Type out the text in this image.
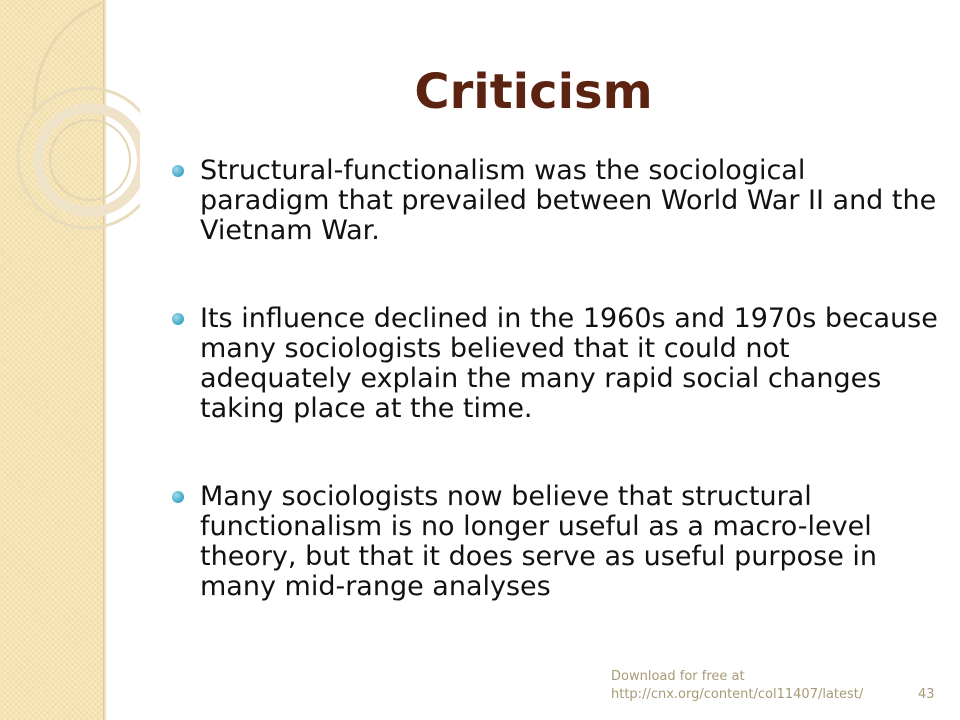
Criticism
Structural-functionalism was the sociological paradigm that prevailed between World War II and the Vietnam War.
Its influence declined in the 1960s and 1970s because many sociologists believed that it could not adequately explain the many rapid social changes taking place at the time.
Many sociologists now believe that structural functionalism is no longer useful as a macro-level theory, but that it does serve as useful purpose in many mid-range analyses
Download for free at
http://cnx.org/content/col11407/latest/	43
